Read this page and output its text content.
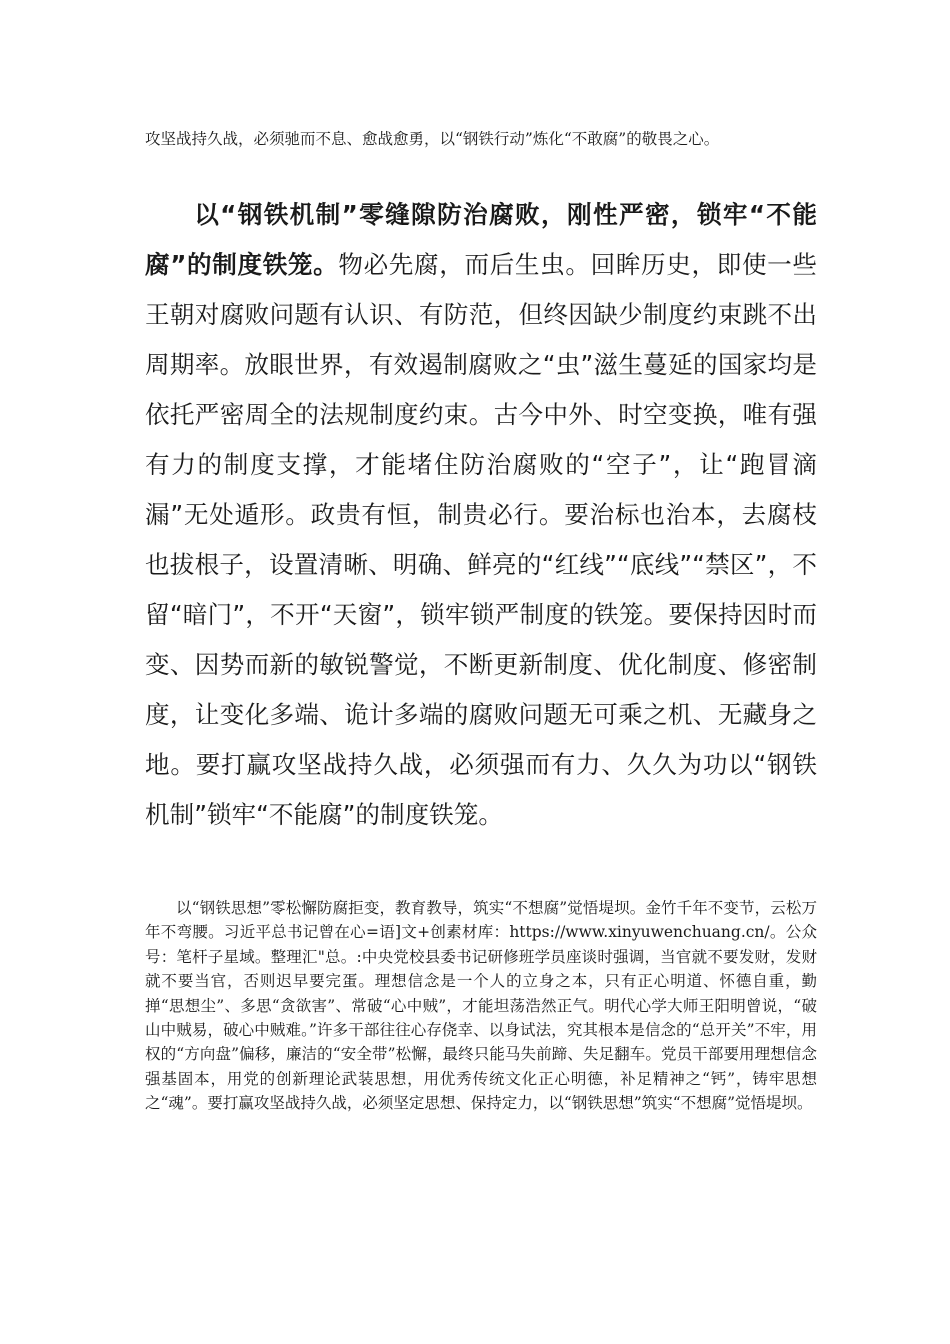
攻坚战持久战，必须驰而不息、愈战愈勇，以“钢铁行动”炼化“不敢腐”的敬畏之心。

以“钢铁机制”零缝隙防治腐败，刚性严密，锁牢“不能腐”的制度铁笼。物必先腐，而后生虫。回眸历史，即使一些王朝对腐败问题有认识、有防范，但终因缺少制度约束跳不出周期率。放眼世界，有效遏制腐败之“虫”滋生蔓延的国家均是依托严密周全的法规制度约束。古今中外、时空变换，唯有强有力的制度支撑，才能堵住防治腐败的“空子”，让“跑冒滴漏”无处遁形。政贵有恒，制贵必行。要治标也治本，去腐枝也拔根子，设置清晰、明确、鲜亮的“红线”“底线”“禁区”，不留“暗门”，不开“天窗”，锁牢锁严制度的铁笼。要保持因时而变、因势而新的敏锐警觉，不断更新制度、优化制度、修密制度，让变化多端、诡计多端的腐败问题无可乘之机、无藏身之地。要打赢攻坚战持久战，必须强而有力、久久为功以“钢铁机制”锁牢“不能腐”的制度铁笼。

以“钢铁思想”零松懈防腐拒变，教育教导，筑实“不想腐”觉悟堤坝。金竹千年不变节，云松万年不弯腰。习近平总书记曾在心=语]文+创素材库：https://www.xinyuwenchuang.cn/。公众号：笔杆子星域。整理汇"总。:中央党校县委书记研修班学员座谈时强调，当官就不要发财，发财就不要当官，否则迟早要完蛋。理想信念是一个人的立身之本，只有正心明道、怀德自重，勤掸“思想尘”、多思“贪欲害”、常破“心中贼”，才能坦荡浩然正气。明代心学大师王阳明曾说，“破山中贼易，破心中贼难。”许多干部往往心存侥幸、以身试法，究其根本是信念的“总开关”不牢，用权的“方向盘”偏移，廉洁的“安全带”松懈，最终只能马失前蹄、失足翻车。党员干部要用理想信念强基固本，用党的创新理论武装思想，用优秀传统文化正心明德，补足精神之“钙”，铸牢思想之“魂”。要打赢攻坚战持久战，必须坚定思想、保持定力，以“钢铁思想”筑实“不想腐”觉悟堤坝。
